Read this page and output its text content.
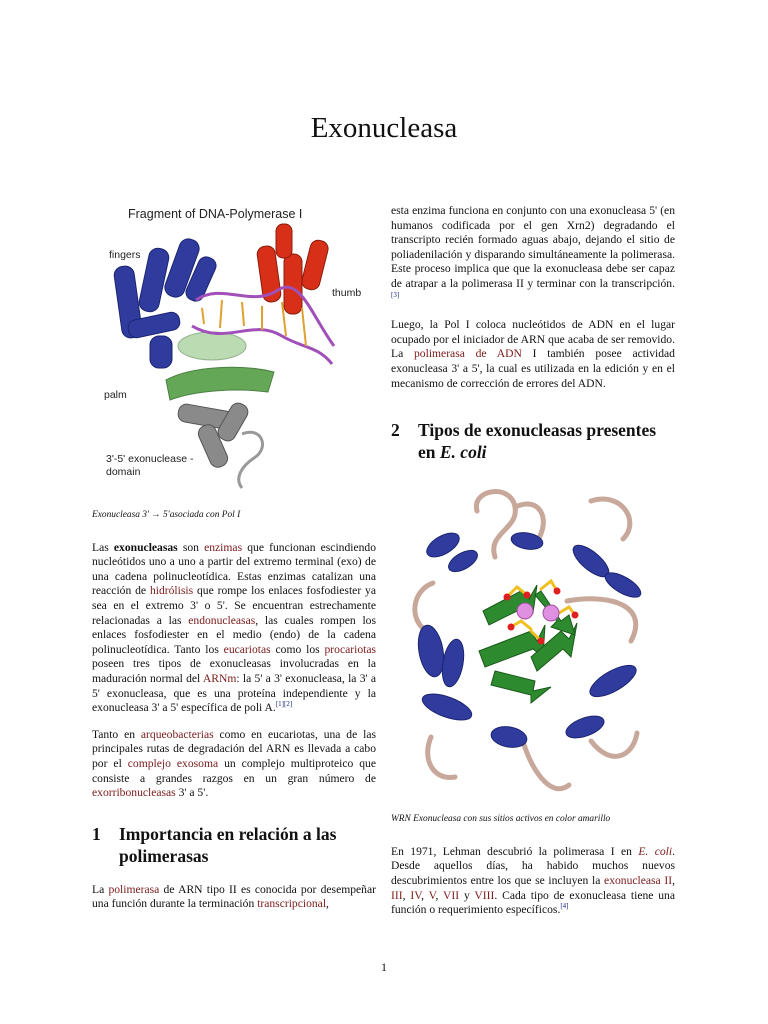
Exonucleasa
Fragment of DNA-Polymerase I
fingers
thumb
palm
3'-5' exonuclease -
domain

Exonucleasa 3' → 5'asociada con Pol I

Las exonucleasas son enzimas que funcionan escindiendo nucleótidos uno a uno a partir del extremo terminal (exo) de una cadena polinucleotídica. Estas enzimas catalizan una reacción de hidrólisis que rompe los enlaces fosfodiester ya sea en el extremo 3' o 5'. Se encuentran estrechamente relacionadas a las endonucleasas, las cuales rompen los enlaces fosfodiester en el medio (endo) de la cadena polinucleotídica. Tanto los eucariotas como los procariotas poseen tres tipos de exonucleasas involucradas en la maduración normal del ARNm: la 5' a 3' exonucleasa, la 3' a 5' exonucleasa, que es una proteína independiente y la exonucleasa 3' a 5' específica de poli A.[1][2]

Tanto en arqueobacterias como en eucariotas, una de las principales rutas de degradación del ARN es llevada a cabo por el complejo exosoma un complejo multiproteico que consiste a grandes razgos en un gran número de exorribonucleasas 3' a 5'.

1	Importancia en relación a las polimerasas

La polimerasa de ARN tipo II es conocida por desempeñar una función durante la terminación transcripcional,

esta enzima funciona en conjunto con una exonucleasa 5' (en humanos codificada por el gen Xrn2) degradando el transcripto recién formado aguas abajo, dejando el sitio de poliadenilación y disparando simultáneamente la polimerasa. Este proceso implica que que la exonucleasa debe ser capaz de atrapar a la polimerasa II y terminar con la transcripción.[3]

Luego, la Pol I coloca nucleótidos de ADN en el lugar ocupado por el iniciador de ARN que acaba de ser removido. La polimerasa de ADN I también posee actividad exonucleasa 3' a 5', la cual es utilizada en la edición y en el mecanismo de corrección de errores del ADN.

2	Tipos de exonucleasas presentes en E. coli

WRN Exonucleasa con sus sitios activos en color amarillo

En 1971, Lehman descubrió la polimerasa I en E. coli. Desde aquellos días, ha habido muchos nuevos descubrimientos entre los que se incluyen la exonucleasa II, III, IV, V, VII y VIII. Cada tipo de exonucleasa tiene una función o requerimiento específicos.[4]

1
